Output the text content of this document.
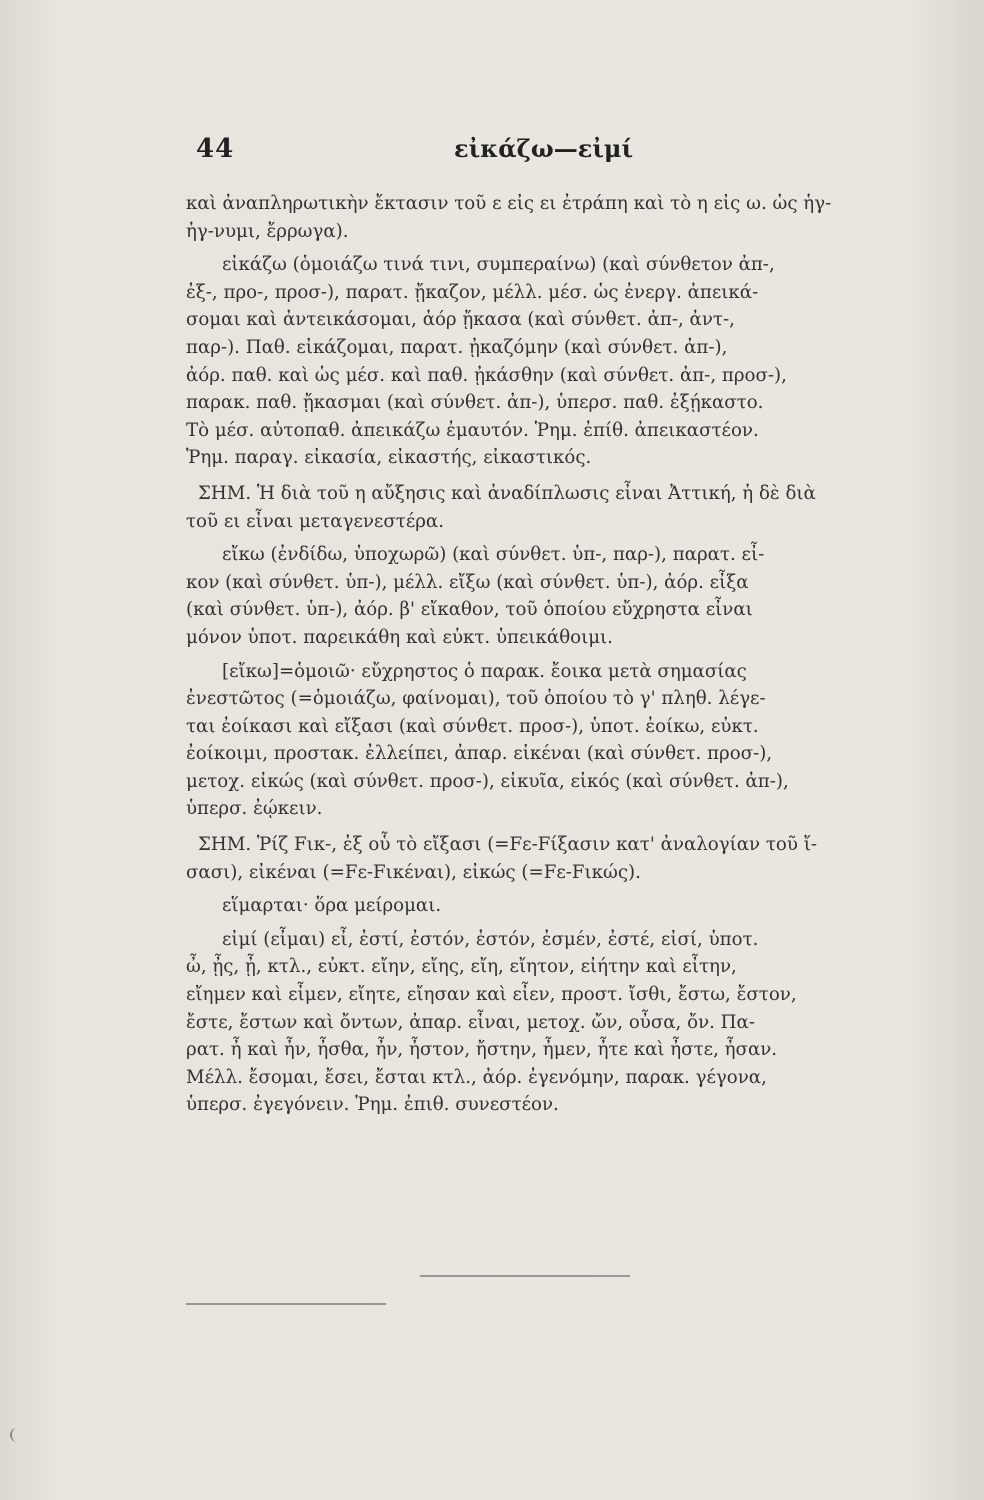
44	εἰκάζω—εἰμί
καὶ ἀναπληρωτικὴν ἔκτασιν τοῦ ε εἰς ει ἐτράπη καὶ τὸ η εἰς ω. ὡς ἡγ-
ἡγ-νυμι, ἔρρωγα).
εἰκάζω (ὁμοιάζω τινά τινι, συμπεραίνω) (καὶ σύνθετον ἀπ-,
ἐξ-, προ-, προσ-), παρατ. ᾔκαζον, μέλλ. μέσ. ὡς ἐνεργ. ἀπεικά-
σομαι καὶ ἀντεικάσομαι, ἀόρ ᾔκασα (καὶ σύνθετ. ἀπ-, ἀντ-,
παρ-). Παθ. εἰκάζομαι, παρατ. ᾐκαζόμην (καὶ σύνθετ. ἀπ-),
ἀόρ. παθ. καὶ ὡς μέσ. καὶ παθ. ᾐκάσθην (καὶ σύνθετ. ἀπ-, προσ-),
παρακ. παθ. ᾔκασμαι (καὶ σύνθετ. ἀπ-), ὑπερσ. παθ. ἐξῄκαστο.
Τὸ μέσ. αὐτοπαθ. ἀπεικάζω ἐμαυτόν. Ῥημ. ἐπίθ. ἀπεικαστέον.
Ῥημ. παραγ. εἰκασία, εἰκαστής, εἰκαστικός.
ΣΗΜ. Ἡ διὰ τοῦ η αὔξησις καὶ ἀναδίπλωσις εἶναι Ἀττική, ἡ δὲ διὰ
τοῦ ει εἶναι μεταγενεστέρα.
εἴκω (ἐνδίδω, ὑποχωρῶ) (καὶ σύνθετ. ὑπ-, παρ-), παρατ. εἶ-
κον (καὶ σύνθετ. ὑπ-), μέλλ. εἴξω (καὶ σύνθετ. ὑπ-), ἀόρ. εἶξα
(καὶ σύνθετ. ὑπ-), ἀόρ. β' εἴκαθον, τοῦ ὁποίου εὔχρηστα εἶναι
μόνον ὑποτ. παρεικάθη καὶ εὐκτ. ὑπεικάθοιμι.
[εἴκω]=ὁμοιῶ· εὔχρηστος ὁ παρακ. ἔοικα μετὰ σημασίας
ἐνεστῶτος (=ὁμοιάζω, φαίνομαι), τοῦ ὁποίου τὸ γ' πληθ. λέγε-
ται ἐοίκασι καὶ εἴξασι (καὶ σύνθετ. προσ-), ὑποτ. ἐοίκω, εὐκτ.
ἐοίκοιμι, προστακ. ἐλλείπει, ἀπαρ. εἰκέναι (καὶ σύνθετ. προσ-),
μετοχ. εἰκώς (καὶ σύνθετ. προσ-), εἰκυῖα, εἰκός (καὶ σύνθετ. ἀπ-),
ὑπερσ. ἐῴκειν.
ΣΗΜ. Ῥίζ Fικ-, ἐξ οὗ τὸ εἴξασι (=Fε-Fίξασιν κατ' ἀναλογίαν τοῦ ἴ-
σασι), εἰκέναι (=Fε-Fικέναι), εἰκώς (=Fε-Fικώς).
εἵμαρται· ὅρα μείρομαι.
εἰμί (εἶμαι) εἶ, ἐστί, ἐστόν, ἐστόν, ἐσμέν, ἐστέ, εἰσί, ὑποτ.
ὦ, ᾖς, ᾖ, κτλ., εὐκτ. εἴην, εἴης, εἴη, εἴητον, εἰήτην καὶ εἶτην,
εἴημεν καὶ εἶμεν, εἴητε, εἴησαν καὶ εἶεν, προστ. ἴσθι, ἔστω, ἔστον,
ἔστε, ἔστων καὶ ὄντων, ἀπαρ. εἶναι, μετοχ. ὤν, οὖσα, ὄν. Πα-
ρατ. ἦ καὶ ἦν, ἦσθα, ἦν, ἦστον, ἤστην, ἦμεν, ἦτε καὶ ἦστε, ἦσαν.
Μέλλ. ἔσομαι, ἔσει, ἔσται κτλ., ἀόρ. ἐγενόμην, παρακ. γέγονα,
ὑπερσ. ἐγεγόνειν. Ῥημ. ἐπιθ. συνεστέον.
